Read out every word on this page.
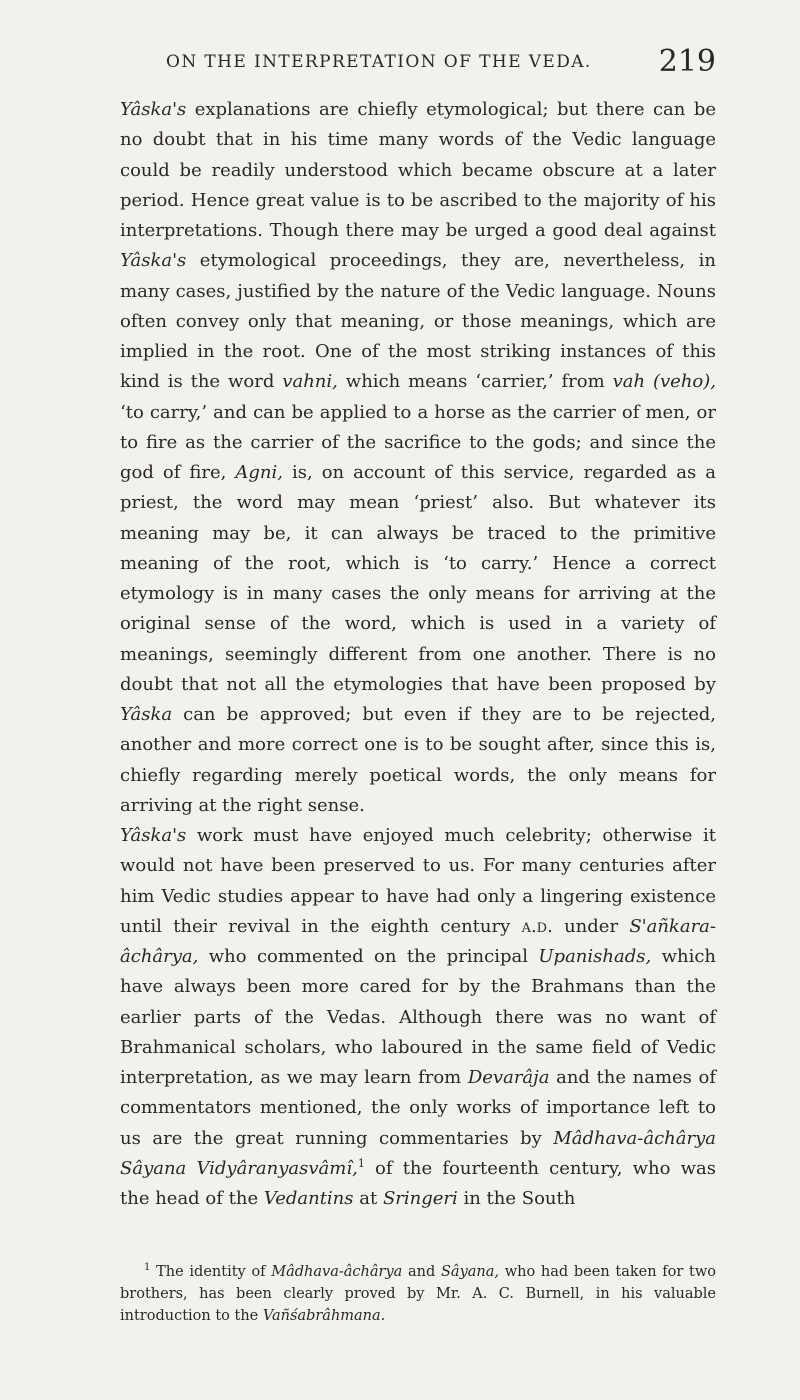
ON THE INTERPRETATION OF THE VEDA. 219

Yâska's explanations are chiefly etymological; but there can be no doubt that in his time many words of the Vedic language could be readily understood which became obscure at a later period. Hence great value is to be ascribed to the majority of his interpretations. Though there may be urged a good deal against Yâska's etymological proceedings, they are, nevertheless, in many cases, justified by the nature of the Vedic language. Nouns often convey only that meaning, or those meanings, which are implied in the root. One of the most striking instances of this kind is the word vahni, which means ‘carrier,’ from vah (veho), ‘to carry,’ and can be applied to a horse as the carrier of men, or to fire as the carrier of the sacrifice to the gods; and since the god of fire, Agni, is, on account of this service, regarded as a priest, the word may mean ‘priest’ also. But whatever its meaning may be, it can always be traced to the primitive meaning of the root, which is ‘to carry.’ Hence a correct etymology is in many cases the only means for arriving at the original sense of the word, which is used in a variety of meanings, seemingly different from one another. There is no doubt that not all the etymologies that have been proposed by Yâska can be approved; but even if they are to be rejected, another and more correct one is to be sought after, since this is, chiefly regarding merely poetical words, the only means for arriving at the right sense.

Yâska's work must have enjoyed much celebrity; otherwise it would not have been preserved to us. For many centuries after him Vedic studies appear to have had only a lingering existence until their revival in the eighth century a.d. under S'añkara-âchârya, who commented on the principal Upanishads, which have always been more cared for by the Brahmans than the earlier parts of the Vedas. Although there was no want of Brahmanical scholars, who laboured in the same field of Vedic interpretation, as we may learn from Devarâja and the names of commentators mentioned, the only works of importance left to us are the great running commentaries by Mâdhava-âchârya Sâyana Vidyâranyasvâmî,$^1$ of the fourteenth century, who was the head of the Vedantins at Sringeri in the South

$^1$ The identity of Mâdhava-âchârya and Sâyana, who had been taken for two brothers, has been clearly proved by Mr. A. C. Burnell, in his valuable introduction to the Vañśabrâhmana.
